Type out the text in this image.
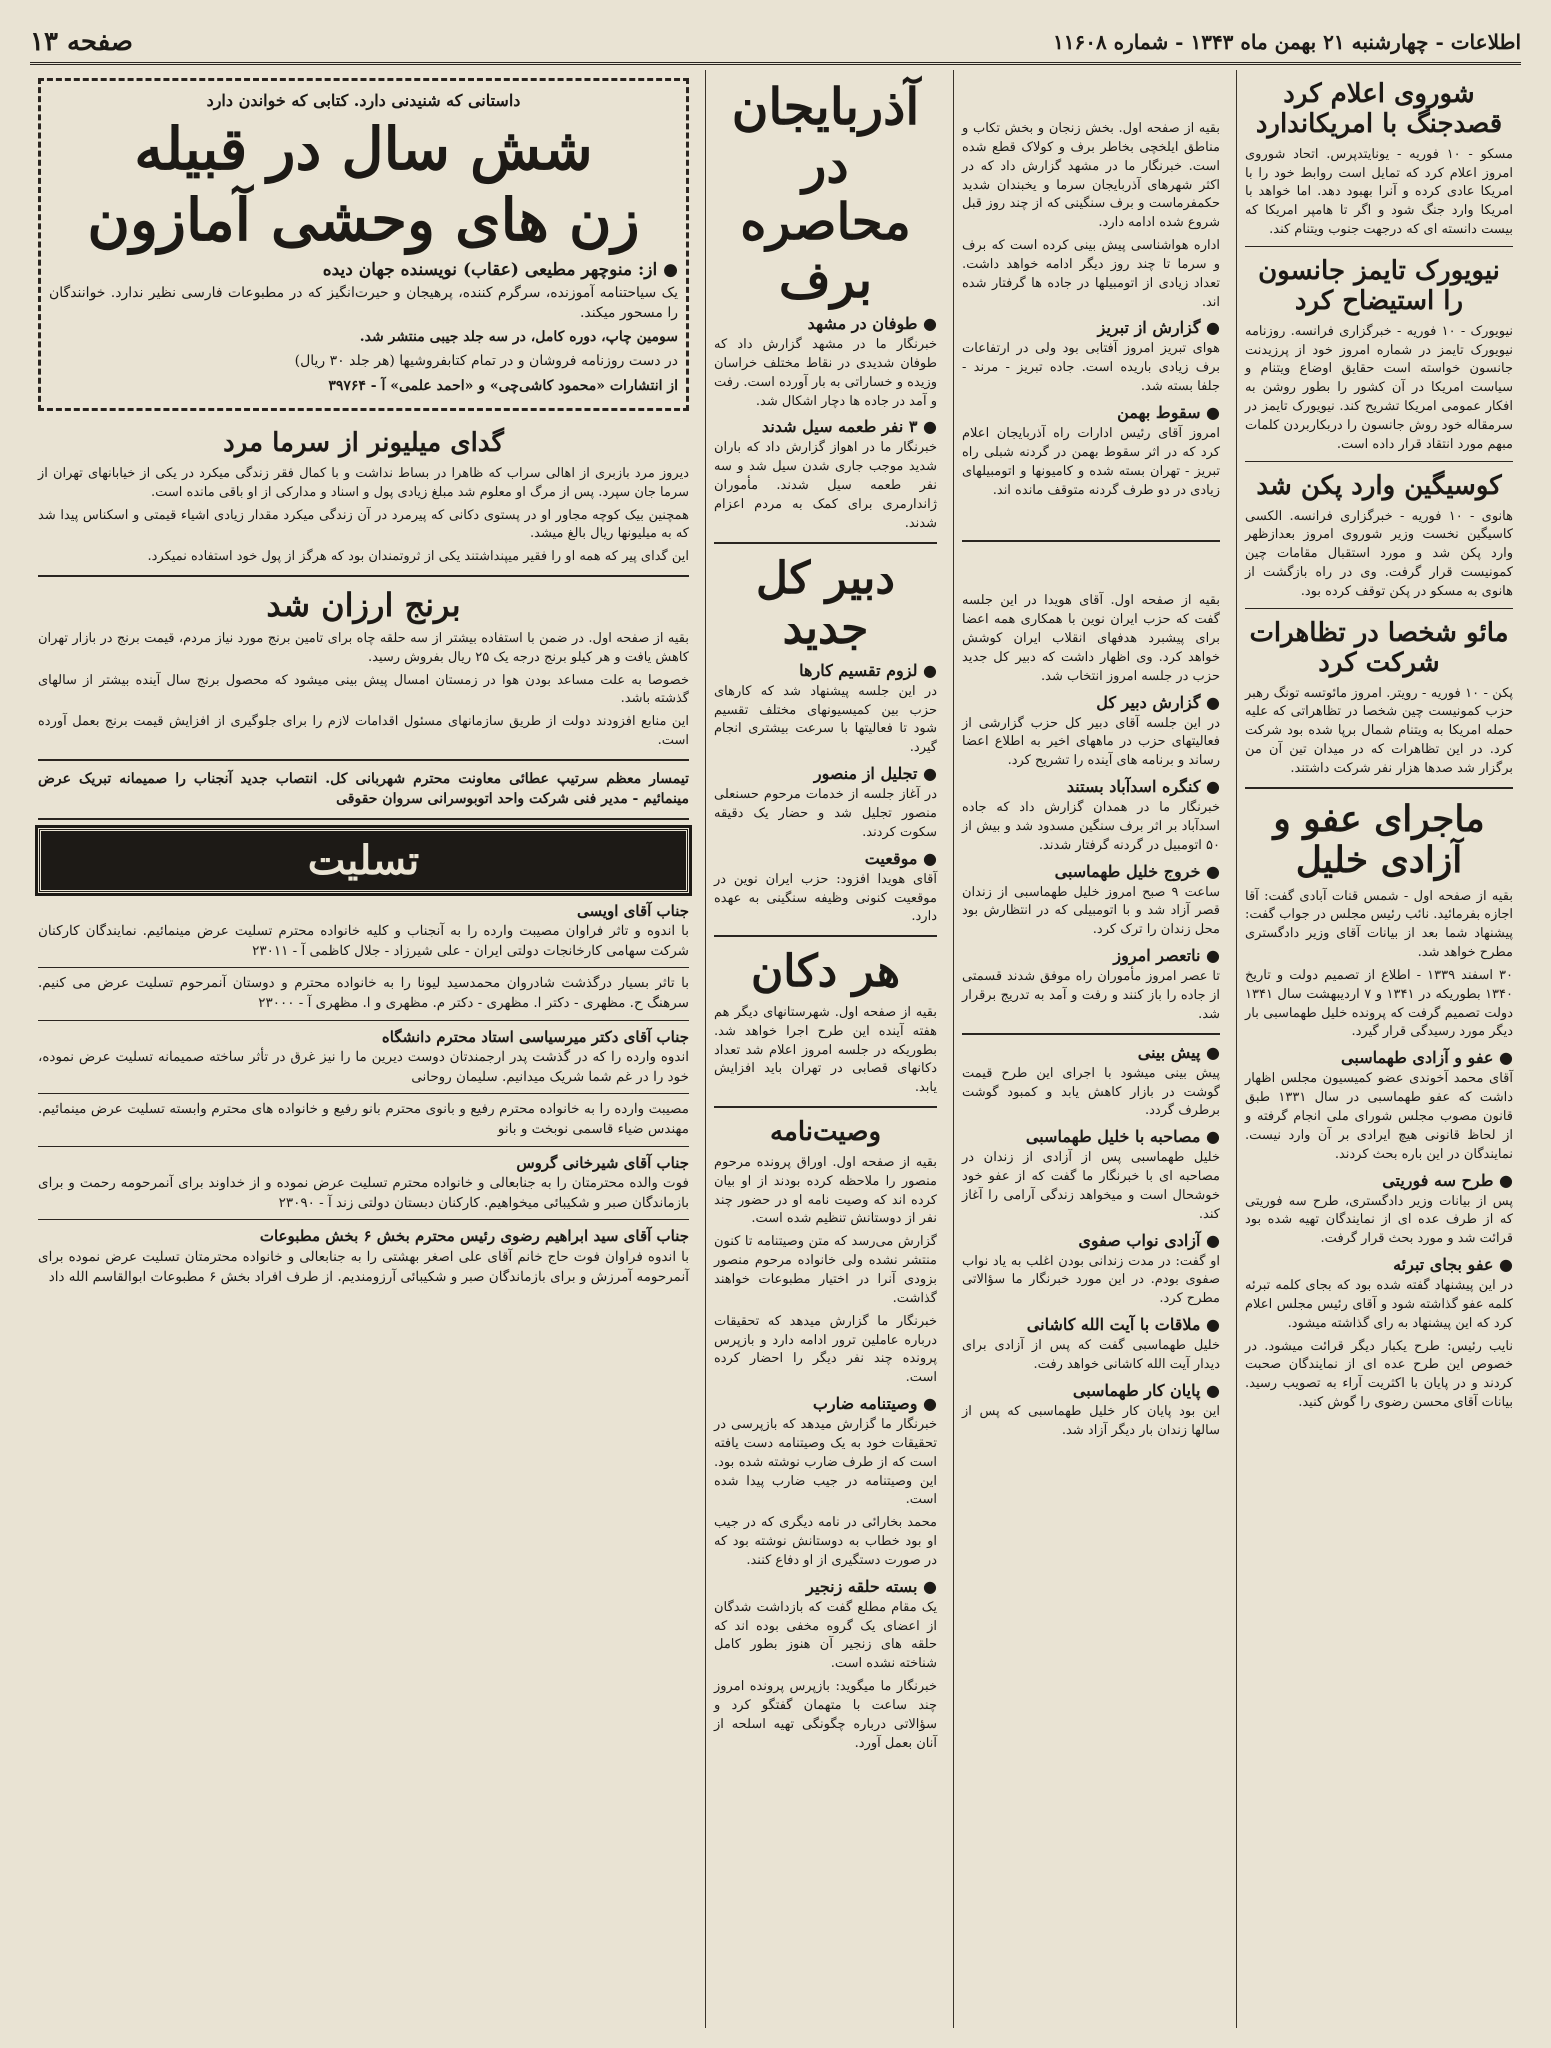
اطلاعات - چهارشنبه ۲۱ بهمن ماه ۱۳۴۳ - شماره ۱۱۶۰۸
صفحه ۱۳
شوروی اعلام کرد قصدجنگ با امریکاندارد

مسکو - ۱۰ فوریه - یونایتدپرس. اتحاد شوروی امروز اعلام کرد که تمایل است روابط خود را با امریکا عادی کرده و آنرا بهبود دهد. اما خواهد با امریکا وارد جنگ شود و اگر تا هامپر امریکا که بیست دانسته ای که درجهت جنوب ویتنام کند.

نیویورک تایمز جانسون را استیضاح کرد

نیویورک - ۱۰ فوریه - خبرگزاری فرانسه. روزنامه نیویورک تایمز در شماره امروز خود از پرزیدنت جانسون خواسته است حقایق اوضاع ویتنام و سیاست امریکا در آن کشور را بطور روشن به افکار عمومی امریکا تشریح کند. نیویورک تایمز در سرمقاله خود روش جانسون را دربکاربردن کلمات مبهم مورد انتقاد قرار داده است.

کوسیگین وارد پکن شد

هانوی - ۱۰ فوریه - خبرگزاری فرانسه. الکسی کاسیگین نخست وزیر شوروی امروز بعدازظهر وارد پکن شد و مورد استقبال مقامات چین کمونیست قرار گرفت. وی در راه بازگشت از هانوی به مسکو در پکن توقف کرده بود.

مائو شخصا در تظاهرات شرکت کرد

پکن - ۱۰ فوریه - رویتر. امروز مائوتسه تونگ رهبر حزب کمونیست چین شخصا در تظاهراتی که علیه حمله امریکا به ویتنام شمال برپا شده بود شرکت کرد. در این تظاهرات که در میدان تین آن من برگزار شد صدها هزار نفر شرکت داشتند.

ماجرای عفو و آزادی خلیل

بقیه از صفحه اول - شمس قنات آبادی گفت: آقا اجازه بفرمائید. نائب رئیس مجلس در جواب گفت: پیشنهاد شما بعد از بیانات آقای وزیر دادگستری مطرح خواهد شد.

۳۰ اسفند ۱۳۳۹ - اطلاع از تصمیم دولت و تاریخ ۱۳۴۰ بطوریکه در ۱۳۴۱ و ۷ اردیبهشت سال ۱۳۴۱ دولت تصمیم گرفت که پرونده خلیل طهماسبی بار دیگر مورد رسیدگی قرار گیرد.

● عفو و آزادی طهماسبی

آقای محمد آخوندی عضو کمیسیون مجلس اظهار داشت که عفو طهماسبی در سال ۱۳۳۱ طبق قانون مصوب مجلس شورای ملی انجام گرفته و از لحاظ قانونی هیچ ایرادی بر آن وارد نیست. نمایندگان در این باره بحث کردند.

● طرح سه فوریتی

پس از بیانات وزیر دادگستری، طرح سه فوریتی که از طرف عده ای از نمایندگان تهیه شده بود قرائت شد و مورد بحث قرار گرفت.

● عفو بجای تبرئه

در این پیشنهاد گفته شده بود که بجای کلمه تبرئه کلمه عفو گذاشته شود و آقای رئیس مجلس اعلام کرد که این پیشنهاد به رای گذاشته میشود.

نایب رئیس: طرح یکبار دیگر قرائت میشود. در خصوص این طرح عده ای از نمایندگان صحبت کردند و در پایان با اکثریت آراء به تصویب رسید. بیانات آقای محسن رضوی را گوش کنید.

بقیه از صفحه اول. بخش زنجان و بخش تکاب و مناطق ایلخچی بخاطر برف و کولاک قطع شده است. خبرنگار ما در مشهد گزارش داد که در اکثر شهرهای آذربایجان سرما و یخبندان شدید حکمفرماست و برف سنگینی که از چند روز قبل شروع شده ادامه دارد.

اداره هواشناسی پیش بینی کرده است که برف و سرما تا چند روز دیگر ادامه خواهد داشت. تعداد زیادی از اتومبیلها در جاده ها گرفتار شده اند.

● گزارش از تبریز

هوای تبریز امروز آفتابی بود ولی در ارتفاعات برف زیادی باریده است. جاده تبریز - مرند - جلفا بسته شد.

● سقوط بهمن

امروز آقای رئیس ادارات راه آذربایجان اعلام کرد که در اثر سقوط بهمن در گردنه شبلی راه تبریز - تهران بسته شده و کامیونها و اتومبیلهای زیادی در دو طرف گردنه متوقف مانده اند.

بقیه از صفحه اول. آقای هویدا در این جلسه گفت که حزب ایران نوین با همکاری همه اعضا برای پیشبرد هدفهای انقلاب ایران کوشش خواهد کرد. وی اظهار داشت که دبیر کل جدید حزب در جلسه امروز انتخاب شد.

● گزارش دبیر کل

در این جلسه آقای دبیر کل حزب گزارشی از فعالیتهای حزب در ماههای اخیر به اطلاع اعضا رساند و برنامه های آینده را تشریح کرد.

● کنگره اسدآباد بستند

خبرنگار ما در همدان گزارش داد که جاده اسدآباد بر اثر برف سنگین مسدود شد و بیش از ۵۰ اتومبیل در گردنه گرفتار شدند.

● خروج خلیل طهماسبی

ساعت ۹ صبح امروز خلیل طهماسبی از زندان قصر آزاد شد و با اتومبیلی که در انتظارش بود محل زندان را ترک کرد.

● ناتعصر امروز

تا عصر امروز مأموران راه موفق شدند قسمتی از جاده را باز کنند و رفت و آمد به تدریج برقرار شد.

● پیش بینی

پیش بینی میشود با اجرای این طرح قیمت گوشت در بازار کاهش یابد و کمبود گوشت برطرف گردد.

● مصاحبه با خلیل طهماسبی

خلیل طهماسبی پس از آزادی از زندان در مصاحبه ای با خبرنگار ما گفت که از عفو خود خوشحال است و میخواهد زندگی آرامی را آغاز کند.

● آزادی نواب صفوی

او گفت: در مدت زندانی بودن اغلب به یاد نواب صفوی بودم. در این مورد خبرنگار ما سؤالاتی مطرح کرد.

● ملاقات با آیت الله کاشانی

خلیل طهماسبی گفت که پس از آزادی برای دیدار آیت الله کاشانی خواهد رفت.

● پایان کار طهماسبی

این بود پایان کار خلیل طهماسبی که پس از سالها زندان بار دیگر آزاد شد.

آذربایجان در محاصره برف
● طوفان در مشهد

خبرنگار ما در مشهد گزارش داد که طوفان شدیدی در نقاط مختلف خراسان وزیده و خساراتی به بار آورده است. رفت و آمد در جاده ها دچار اشکال شد.

● ۳ نفر طعمه سیل شدند

خبرنگار ما در اهواز گزارش داد که باران شدید موجب جاری شدن سیل شد و سه نفر طعمه سیل شدند. مأموران ژاندارمری برای کمک به مردم اعزام شدند.

دبیر کل جدید
● لزوم تقسیم کارها

در این جلسه پیشنهاد شد که کارهای حزب بین کمیسیونهای مختلف تقسیم شود تا فعالیتها با سرعت بیشتری انجام گیرد.

● تجلیل از منصور

در آغاز جلسه از خدمات مرحوم حسنعلی منصور تجلیل شد و حضار یک دقیقه سکوت کردند.

● موقعیت

آقای هویدا افزود: حزب ایران نوین در موقعیت کنونی وظیفه سنگینی به عهده دارد.

هر دکان

بقیه از صفحه اول. شهرستانهای دیگر هم هفته آینده این طرح اجرا خواهد شد. بطوریکه در جلسه امروز اعلام شد تعداد دکانهای قصابی در تهران باید افزایش یابد.

وصیت‌نامه

بقیه از صفحه اول. اوراق پرونده مرحوم منصور را ملاحظه کرده بودند از او بیان کرده اند که وصیت نامه او در حضور چند نفر از دوستانش تنظیم شده است.

گزارش می‌رسد که متن وصیتنامه تا کنون منتشر نشده ولی خانواده مرحوم منصور بزودی آنرا در اختیار مطبوعات خواهند گذاشت.

خبرنگار ما گزارش میدهد که تحقیقات درباره عاملین ترور ادامه دارد و بازپرس پرونده چند نفر دیگر را احضار کرده است.

● وصیتنامه ضارب

خبرنگار ما گزارش میدهد که بازپرسی در تحقیقات خود به یک وصیتنامه دست یافته است که از طرف ضارب نوشته شده بود. این وصیتنامه در جیب ضارب پیدا شده است.

محمد بخارائی در نامه دیگری که در جیب او بود خطاب به دوستانش نوشته بود که در صورت دستگیری از او دفاع کنند.

● بسته حلقه زنجیر

یک مقام مطلع گفت که بازداشت شدگان از اعضای یک گروه مخفی بوده اند که حلقه های زنجیر آن هنوز بطور کامل شناخته نشده است.

خبرنگار ما میگوید: بازپرس پرونده امروز چند ساعت با متهمان گفتگو کرد و سؤالاتی درباره چگونگی تهیه اسلحه از آنان بعمل آورد.

داستانی که شنیدنی دارد. کتابی که خواندن دارد
شش سال در قبیله
زن های وحشی آمازون
● از: منوچهر مطیعی (عقاب) نویسنده جهان دیده

یک سیاحتنامه آموزنده، سرگرم کننده، پرهیجان و حیرت‌انگیز که در مطبوعات فارسی نظیر ندارد. خوانندگان را مسحور میکند.

سومین چاپ، دوره کامل، در سه جلد جیبی منتشر شد.

در دست روزنامه فروشان و در تمام کتابفروشیها (هر جلد ۳۰ ریال)

از انتشارات «محمود کاشی‌چی» و «احمد علمی» آ - ۳۹۷۶۴

گدای میلیونر از سرما مرد

دیروز مرد بازبری از اهالی سراب که ظاهرا در بساط نداشت و با کمال فقر زندگی میکرد در یکی از خیابانهای تهران از سرما جان سپرد. پس از مرگ او معلوم شد مبلغ زیادی پول و اسناد و مدارکی از او باقی مانده است.

همچنین بیک کوچه مجاور او در پستوی دکانی که پیرمرد در آن زندگی میکرد مقدار زیادی اشیاء قیمتی و اسکناس پیدا شد که به میلیونها ریال بالغ میشد.

این گدای پیر که همه او را فقیر میپنداشتند یکی از ثروتمندان بود که هرگز از پول خود استفاده نمیکرد.

برنج ارزان شد

بقیه از صفحه اول. در ضمن با استفاده بیشتر از سه حلقه چاه برای تامین برنج مورد نیاز مردم، قیمت برنج در بازار تهران کاهش یافت و هر کیلو برنج درجه یک ۲۵ ریال بفروش رسید.

خصوصا به علت مساعد بودن هوا در زمستان امسال پیش بینی میشود که محصول برنج سال آینده بیشتر از سالهای گذشته باشد.

این منابع افزودند دولت از طریق سازمانهای مسئول اقدامات لازم را برای جلوگیری از افزایش قیمت برنج بعمل آورده است.

تیمسار معظم سرتیپ عطائی معاونت محترم شهربانی کل. انتصاب جدید آنجناب را صمیمانه تبریک عرض مینمائیم - مدیر فنی شرکت واحد اتوبوسرانی سروان حقوقی

تسلیت
جناب آقای اویسی
با اندوه و تاثر فراوان مصیبت وارده را به آنجناب و کلیه خانواده محترم تسلیت عرض مینمائیم. نمایندگان کارکنان شرکت سهامی کارخانجات دولتی ایران - علی شیرزاد - جلال کاظمی آ - ۲۳۰۱۱
با تاثر بسیار درگذشت شادروان محمدسید لیونا را به خانواده محترم و دوستان آنمرحوم تسلیت عرض می کنیم. سرهنگ ح. مظهری - دکتر ا. مظهری - دکتر م. مظهری و ا. مظهری آ - ۲۳۰۰۰
جناب آقای دکتر میرسیاسی استاد محترم دانشگاه
اندوه وارده را که در گذشت پدر ارجمندتان دوست دیرین ما را نیز غرق در تأثر ساخته صمیمانه تسلیت عرض نموده، خود را در غم شما شریک میدانیم. سلیمان روحانی
مصیبت وارده را به خانواده محترم رفیع و بانوی محترم بانو رفیع و خانواده های محترم وابسته تسلیت عرض مینمائیم. مهندس ضیاء قاسمی نوبخت و بانو
جناب آقای شیرخانی گروس
فوت والده محترمتان را به جنابعالی و خانواده محترم تسلیت عرض نموده و از خداوند برای آنمرحومه رحمت و برای بازماندگان صبر و شکیبائی میخواهیم. کارکنان دبستان دولتی زند آ - ۲۳۰۹۰
جناب آقای سید ابراهیم رضوی رئیس محترم بخش ۶ بخش مطبوعات
با اندوه فراوان فوت حاج خانم آقای علی اصغر بهشتی را به جنابعالی و خانواده محترمتان تسلیت عرض نموده برای آنمرحومه آمرزش و برای بازماندگان صبر و شکیبائی آرزومندیم. از طرف افراد بخش ۶ مطبوعات ابوالقاسم الله داد
